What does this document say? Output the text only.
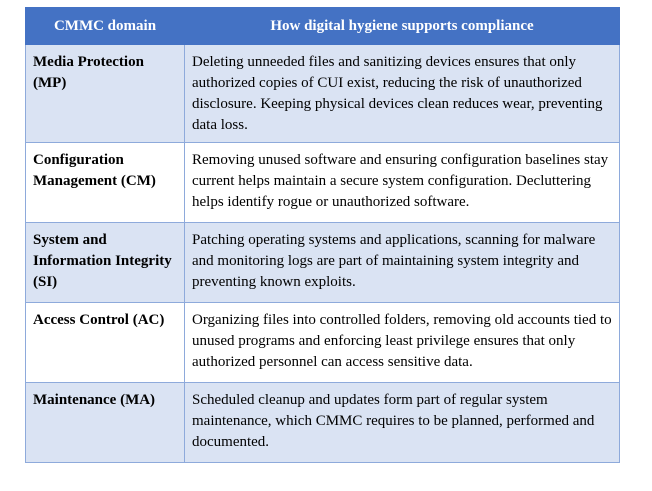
CMMC domain	How digital hygiene supports compliance
Media Protection (MP)	Deleting unneeded files and sanitizing devices ensures that only authorized copies of CUI exist, reducing the risk of unauthorized disclosure. Keeping physical devices clean reduces wear, preventing data loss.
Configuration Management (CM)	Removing unused software and ensuring configuration baselines stay current helps maintain a secure system configuration. Decluttering helps identify rogue or unauthorized software.
System and Information Integrity (SI)	Patching operating systems and applications, scanning for malware and monitoring logs are part of maintaining system integrity and preventing known exploits.
Access Control (AC)	Organizing files into controlled folders, removing old accounts tied to unused programs and enforcing least privilege ensures that only authorized personnel can access sensitive data.
Maintenance (MA)	Scheduled cleanup and updates form part of regular system maintenance, which CMMC requires to be planned, performed and documented.
